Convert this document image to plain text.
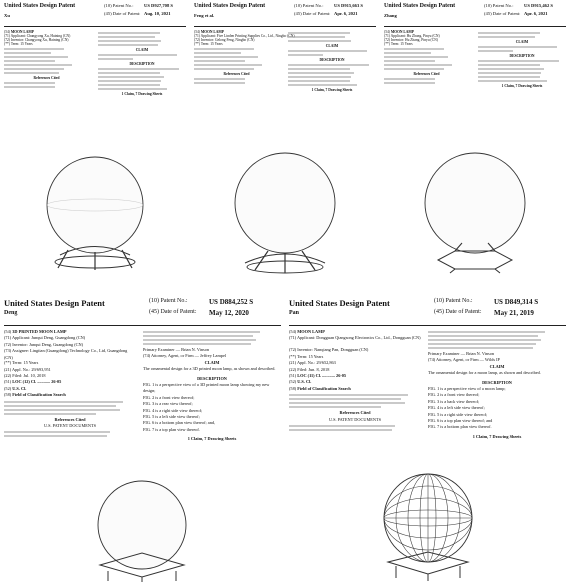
United States Design Patent
Xu
(10) Patent No.: US D927,708 S
(45) Date of Patent: Aug. 10, 2021
(54) MOON LAMP
(71) Applicant: Changyong Xu, Haining (CN)
(72) Inventor: Changyong Xu, Haining (CN)
(**) Term: 15 Years
References Cited
CLAIM
DESCRIPTION
1 Claim, 7 Drawing Sheets
United States Design Patent
Feng et al.
(10) Patent No.: US D915,663 S
(45) Date of Patent: Apr. 6, 2021
(54) MOON LAMP
(71) Applicant: Five Linden Printing Supplies Co., Ltd., Ningbo (CN)
(72) Inventor: Gelong Feng, Ningbo (CN)
(**) Term: 15 Years
References Cited
CLAIM
DESCRIPTION
1 Claim, 7 Drawing Sheets
United States Design Patent
Zhang
(10) Patent No.: US D915,462 S
(45) Date of Patent: Apr. 6, 2021
(54) MOON LAMP
(71) Applicant: Hu Zhang, Pinyu (CN)
(72) Inventor: Hu Zhang, Pinyu (CN)
(**) Term: 15 Years
References Cited
CLAIM
DESCRIPTION
1 Claim, 7 Drawing Sheets
United States Design Patent
Deng
(10) Patent No.:	US D884,252 S
(45) Date of Patent: May 12, 2020
(54) 3D PRINTED MOON LAMP
(71) Applicant: Junqui Deng, Guangdong (CN)
(72) Inventor: Junqui Deng, Guangdong (CN)
(73) Assignee: Lingtian (Guangdong) Technology Co., Ltd, Guangdong (CN)
(**) Term: 15 Years
(21) Appl. No.: 29/693,951
(22) Filed: Jul. 10, 2018
(51) LOC (12) Cl. ............ 26-05
(52) U.S. Cl.
(58) Field of Classification Search
References Cited
U.S. PATENT DOCUMENTS
Primary Examiner — Brian N. Vinson
(74) Attorney, Agent, or Firm — Jeffrey Lampel
CLAIM
The ornamental design for a 3D printed moon lamp, as shown and described.
DESCRIPTION
FIG. 1 is a perspective view of a 3D printed moon lamp showing my new design;
FIG. 2 is a front view thereof;
FIG. 3 is a rear view thereof;
FIG. 4 is a right side view thereof;
FIG. 5 is a left side view thereof;
FIG. 6 is a bottom plan view thereof; and,
FIG. 7 is a top plan view thereof.
1 Claim, 7 Drawing Sheets
United States Design Patent
Pan
(10) Patent No.:	US D849,314 S
(45) Date of Patent: May 21, 2019
(54) MOON LAMP
(71) Applicant: Dongguan Qiangsong Electronics Co., Ltd., Dongguan (CN)
(72) Inventor: Nanqiang Pan, Dongguan (CN)
(**) Term: 15 Years
(21) Appl. No.: 29/652,863
(22) Filed: Jun. 8, 2018
(51) LOC (11) Cl. ............ 26-05
(52) U.S. Cl.
(58) Field of Classification Search
References Cited
U.S. PATENT DOCUMENTS
Primary Examiner — Brian N. Vinson
(74) Attorney, Agent, or Firm — Wilds IP
CLAIM
The ornamental design for a moon lamp, as shown and described.
DESCRIPTION
FIG. 1 is a perspective view of a moon lamp;
FIG. 2 is a front view thereof;
FIG. 3 is a back view thereof;
FIG. 4 is a left side view thereof;
FIG. 5 is a right side view thereof;
FIG. 6 is a top plan view thereof; and
FIG. 7 is a bottom plan view thereof.
1 Claim, 7 Drawing Sheets
